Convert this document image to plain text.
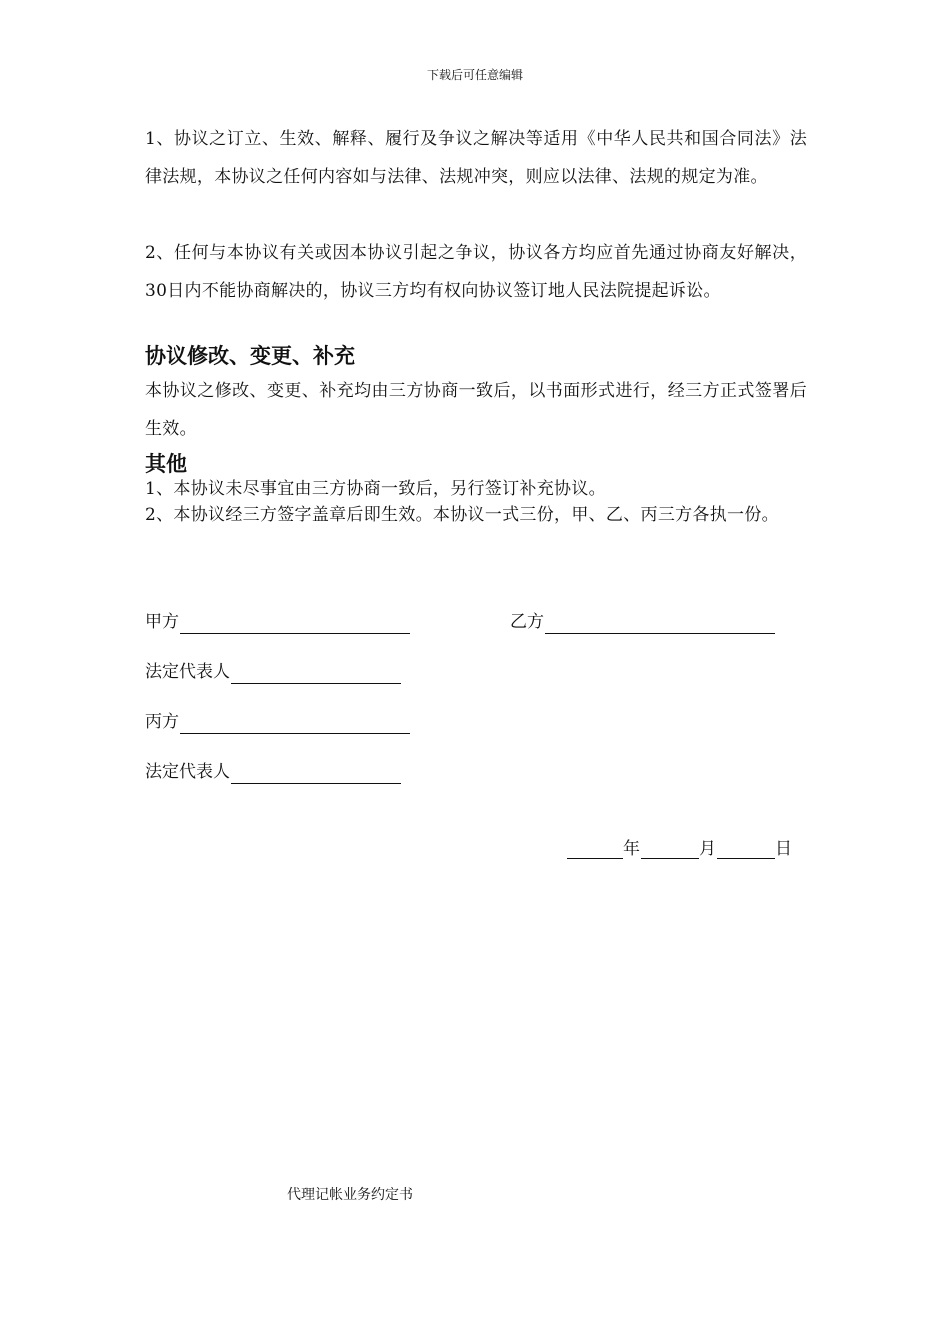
下载后可任意编辑
1、协议之订立、生效、解释、履行及争议之解决等适用《中华人民共和国合同法》法律法规，本协议之任何内容如与法律、法规冲突，则应以法律、法规的规定为准。
2、任何与本协议有关或因本协议引起之争议，协议各方均应首先通过协商友好解决，30日内不能协商解决的，协议三方均有权向协议签订地人民法院提起诉讼。
协议修改、变更、补充
本协议之修改、变更、补充均由三方协商一致后，以书面形式进行，经三方正式签署后生效。
其他
1、本协议未尽事宜由三方协商一致后，另行签订补充协议。
2、本协议经三方签字盖章后即生效。本协议一式三份，甲、乙、丙三方各执一份。
甲方	乙方
法定代表人
丙方
法定代表人
年	月	日
代理记帐业务约定书
